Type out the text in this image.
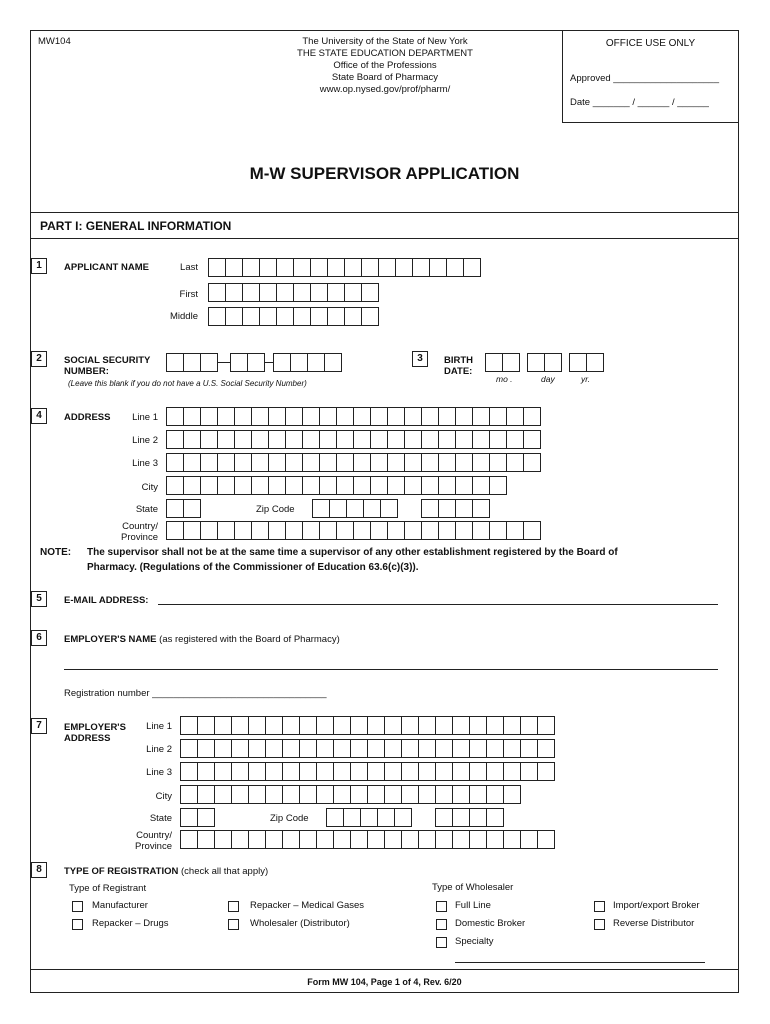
MW104	The University of the State of New York
THE STATE EDUCATION DEPARTMENT
Office of the Professions
State Board of Pharmacy
www.op.nysed.gov/prof/pharm/
OFFICE USE ONLY
Approved ____________________
Date _______ / ______ / ______
M-W SUPERVISOR APPLICATION
PART I: GENERAL INFORMATION
1	APPLICANT NAME	Last
First
Middle
2	SOCIAL SECURITY
NUMBER:
(Leave this blank if you do not have a U.S. Social Security Number)
3	BIRTH
DATE:
mo .	day	yr.
4	ADDRESS	Line 1
Line 2
Line 3
City
State	Zip Code
Country/
Province
NOTE: The supervisor shall not be at the same time a supervisor of any other establishment registered by the Board of
Pharmacy. (Regulations of the Commissioner of Education 63.6(c)(3)).
5	E-MAIL ADDRESS:
6	EMPLOYER'S NAME (as registered with the Board of Pharmacy)
Registration number _________________________________
7	EMPLOYER'S
ADDRESS
Line 1
Line 2
Line 3
City
State	Zip Code
Country/
Province
8	TYPE OF REGISTRATION (check all that apply)
Type of Registrant	Type of Wholesaler
Manufacturer
Repacker – Drugs
Repacker – Medical Gases
Wholesaler (Distributor)
Full Line
Domestic Broker
Specialty
Import/export Broker
Reverse Distributor
Form MW 104, Page 1 of 4, Rev. 6/20
